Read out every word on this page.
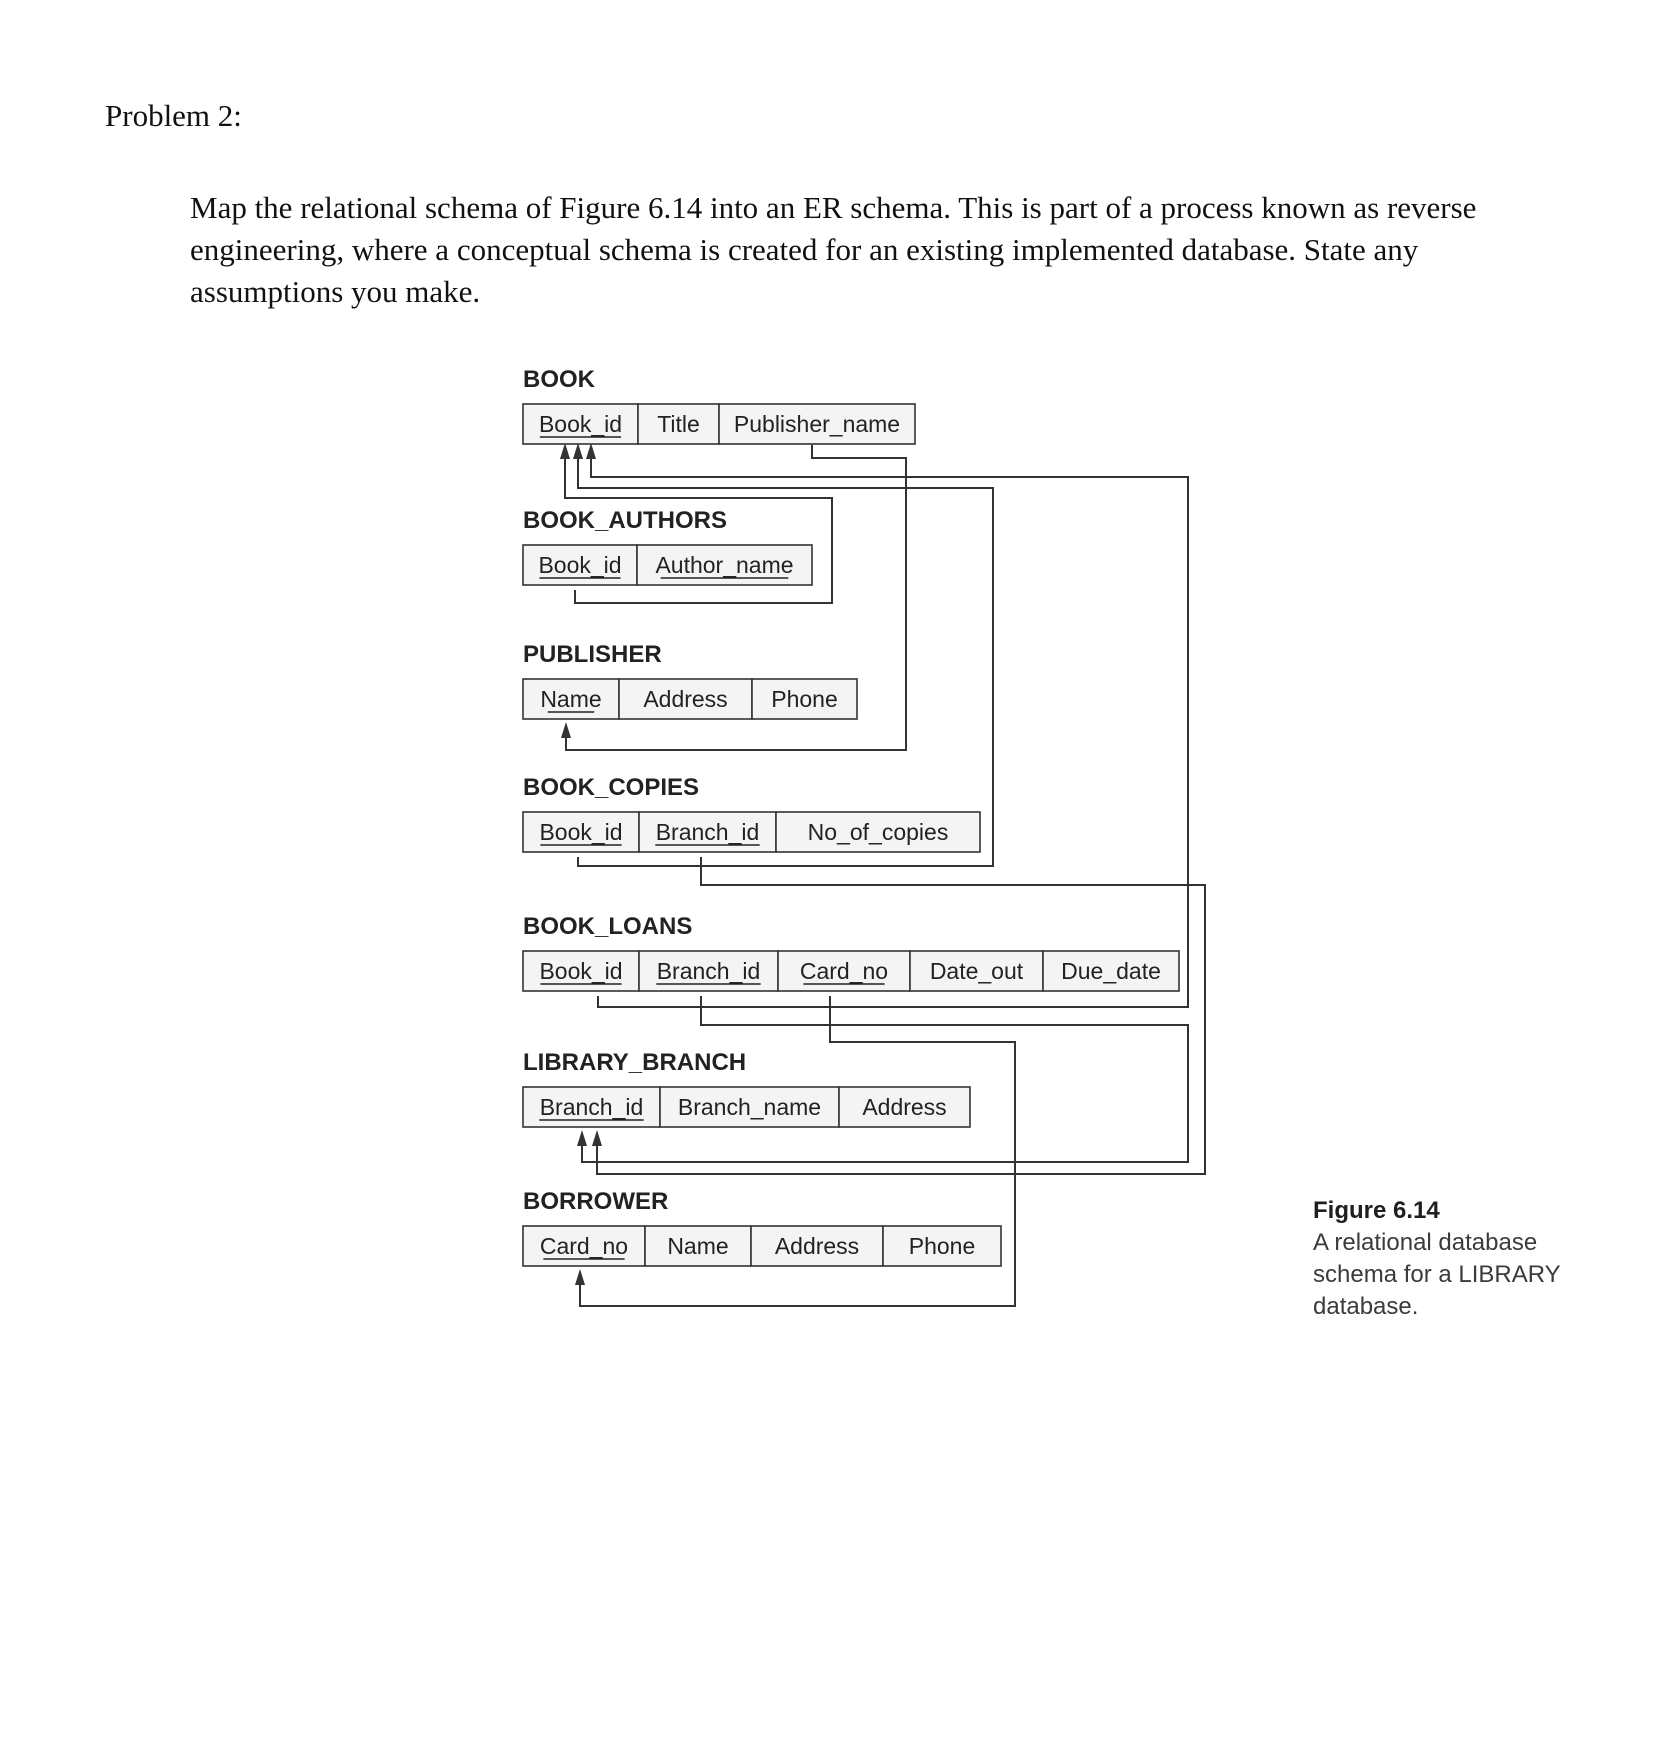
Problem 2:

Map the relational schema of Figure 6.14 into an ER schema. This is part of a process known as reverse engineering, where a conceptual schema is created for an existing implemented database. State any assumptions you make.

BOOK
Book_id Title Publisher_name
BOOK_AUTHORS
Book_id Author_name
PUBLISHER
Name Address Phone
BOOK_COPIES
Book_id Branch_id No_of_copies
BOOK_LOANS
Book_id Branch_id Card_no Date_out Due_date
LIBRARY_BRANCH
Branch_id Branch_name Address
BORROWER
Card_no Name Address Phone
Figure 6.14
A relational database schema for a LIBRARY database.
